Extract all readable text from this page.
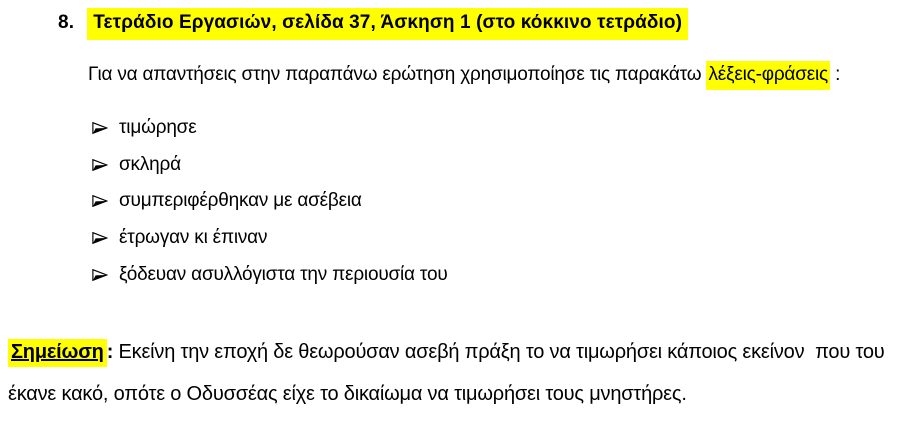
8.	Τετράδιο Εργασιών, σελίδα 37, Άσκηση 1 (στο κόκκινο τετράδιο)

Για να απαντήσεις στην παραπάνω ερώτηση χρησιμοποίησε τις παρακάτω λέξεις-φράσεις :

τιμώρησε
σκληρά
συμπεριφέρθηκαν με ασέβεια
έτρωγαν κι έπιναν
ξόδευαν ασυλλόγιστα την περιουσία του
Σημείωση : Εκείνη την εποχή δε θεωρούσαν ασεβή πράξη το να τιμωρήσει κάποιος εκείνον  που του
έκανε κακό, οπότε ο Οδυσσέας είχε το δικαίωμα να τιμωρήσει τους μνηστήρες.
